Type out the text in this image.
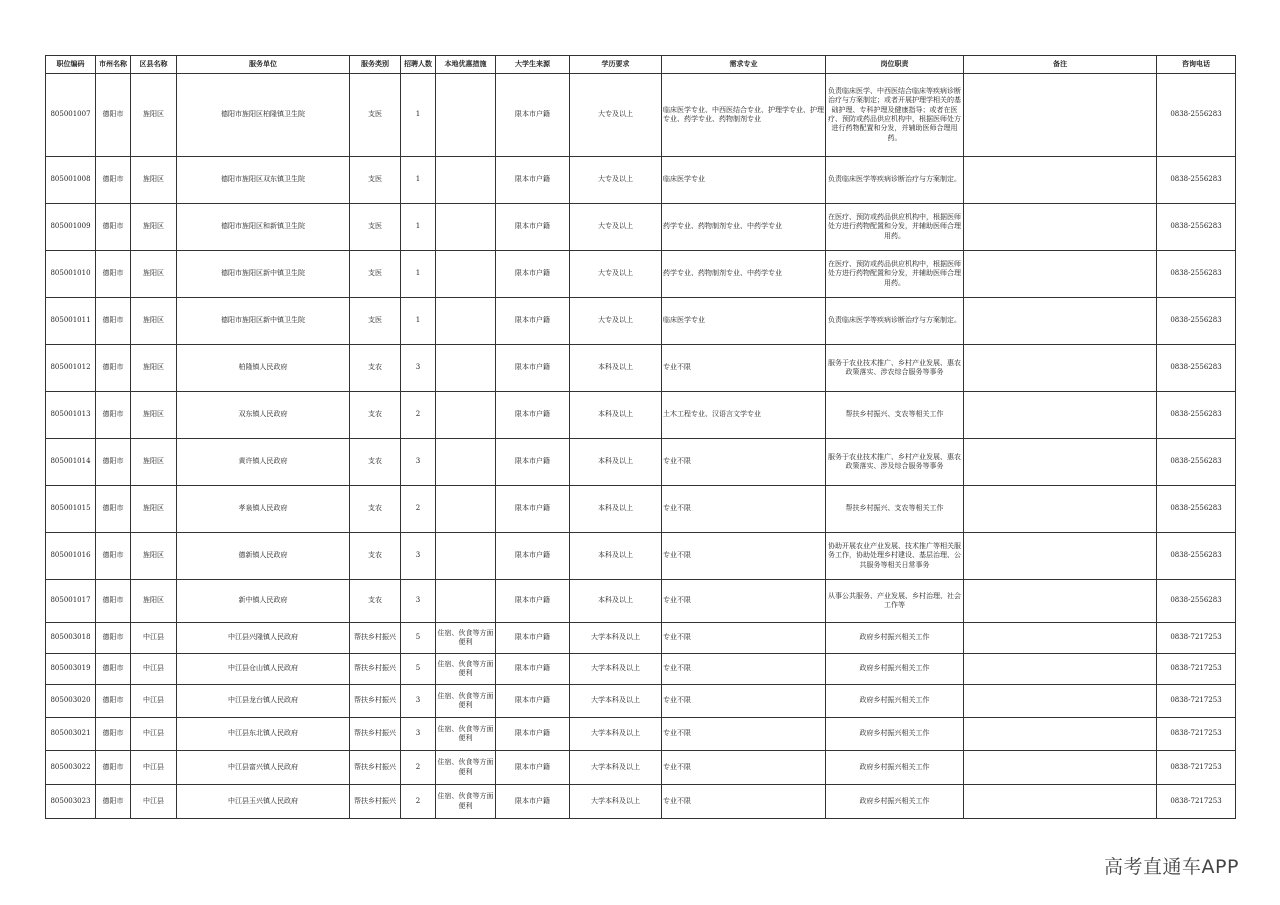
职位编码	市州名称	区县名称	服务单位	服务类别	招聘人数	本地优惠措施	大学生来源	学历要求	需求专业	岗位职责	备注	咨询电话
805001007	德阳市	旌阳区	德阳市旌阳区柏隆镇卫生院	支医	1		限本市户籍	大专及以上	临床医学专业、中西医结合专业、护理学专业、护理专业、药学专业、药物制剂专业	负责临床医学、中西医结合临床等疾病诊断治疗与方案制定；或者开展护理学相关的基础护理、专科护理及健康指导；或者在医疗、预防或药品供应机构中，根据医师处方进行药物配置和分发，并辅助医师合理用药。		0838-2556283
805001008	德阳市	旌阳区	德阳市旌阳区双东镇卫生院	支医	1		限本市户籍	大专及以上	临床医学专业	负责临床医学等疾病诊断治疗与方案制定。		0838-2556283
805001009	德阳市	旌阳区	德阳市旌阳区和新镇卫生院	支医	1		限本市户籍	大专及以上	药学专业、药物制剂专业、中药学专业	在医疗、预防或药品供应机构中，根据医师处方进行药物配置和分发，并辅助医师合理用药。		0838-2556283
805001010	德阳市	旌阳区	德阳市旌阳区新中镇卫生院	支医	1		限本市户籍	大专及以上	药学专业、药物制剂专业、中药学专业	在医疗、预防或药品供应机构中，根据医师处方进行药物配置和分发，并辅助医师合理用药。		0838-2556283
805001011	德阳市	旌阳区	德阳市旌阳区新中镇卫生院	支医	1		限本市户籍	大专及以上	临床医学专业	负责临床医学等疾病诊断治疗与方案制定。		0838-2556283
805001012	德阳市	旌阳区	柏隆镇人民政府	支农	3		限本市户籍	本科及以上	专业不限	服务于农业技术推广、乡村产业发展、惠农政策落实、涉农综合服务等事务		0838-2556283
805001013	德阳市	旌阳区	双东镇人民政府	支农	2		限本市户籍	本科及以上	土木工程专业、汉语言文学专业	帮扶乡村振兴、支农等相关工作		0838-2556283
805001014	德阳市	旌阳区	黄许镇人民政府	支农	3		限本市户籍	本科及以上	专业不限	服务于农业技术推广、乡村产业发展、惠农政策落实、涉及综合服务等事务		0838-2556283
805001015	德阳市	旌阳区	孝泉镇人民政府	支农	2		限本市户籍	本科及以上	专业不限	帮扶乡村振兴、支农等相关工作		0838-2556283
805001016	德阳市	旌阳区	德新镇人民政府	支农	3		限本市户籍	本科及以上	专业不限	协助开展农业产业发展、技术推广等相关服务工作，协助处理乡村建设、基层治理、公共服务等相关日常事务		0838-2556283
805001017	德阳市	旌阳区	新中镇人民政府	支农	3		限本市户籍	本科及以上	专业不限	从事公共服务、产业发展、乡村治理、社会工作等		0838-2556283
805003018	德阳市	中江县	中江县兴隆镇人民政府	帮扶乡村振兴	5	住宿、伙食等方面便利	限本市户籍	大学本科及以上	专业不限	政府乡村振兴相关工作		0838-7217253
805003019	德阳市	中江县	中江县仓山镇人民政府	帮扶乡村振兴	5	住宿、伙食等方面便利	限本市户籍	大学本科及以上	专业不限	政府乡村振兴相关工作		0838-7217253
805003020	德阳市	中江县	中江县龙台镇人民政府	帮扶乡村振兴	3	住宿、伙食等方面便利	限本市户籍	大学本科及以上	专业不限	政府乡村振兴相关工作		0838-7217253
805003021	德阳市	中江县	中江县东北镇人民政府	帮扶乡村振兴	3	住宿、伙食等方面便利	限本市户籍	大学本科及以上	专业不限	政府乡村振兴相关工作		0838-7217253
805003022	德阳市	中江县	中江县富兴镇人民政府	帮扶乡村振兴	2	住宿、伙食等方面便利	限本市户籍	大学本科及以上	专业不限	政府乡村振兴相关工作		0838-7217253
805003023	德阳市	中江县	中江县玉兴镇人民政府	帮扶乡村振兴	2	住宿、伙食等方面便利	限本市户籍	大学本科及以上	专业不限	政府乡村振兴相关工作		0838-7217253
高考直通车APP
